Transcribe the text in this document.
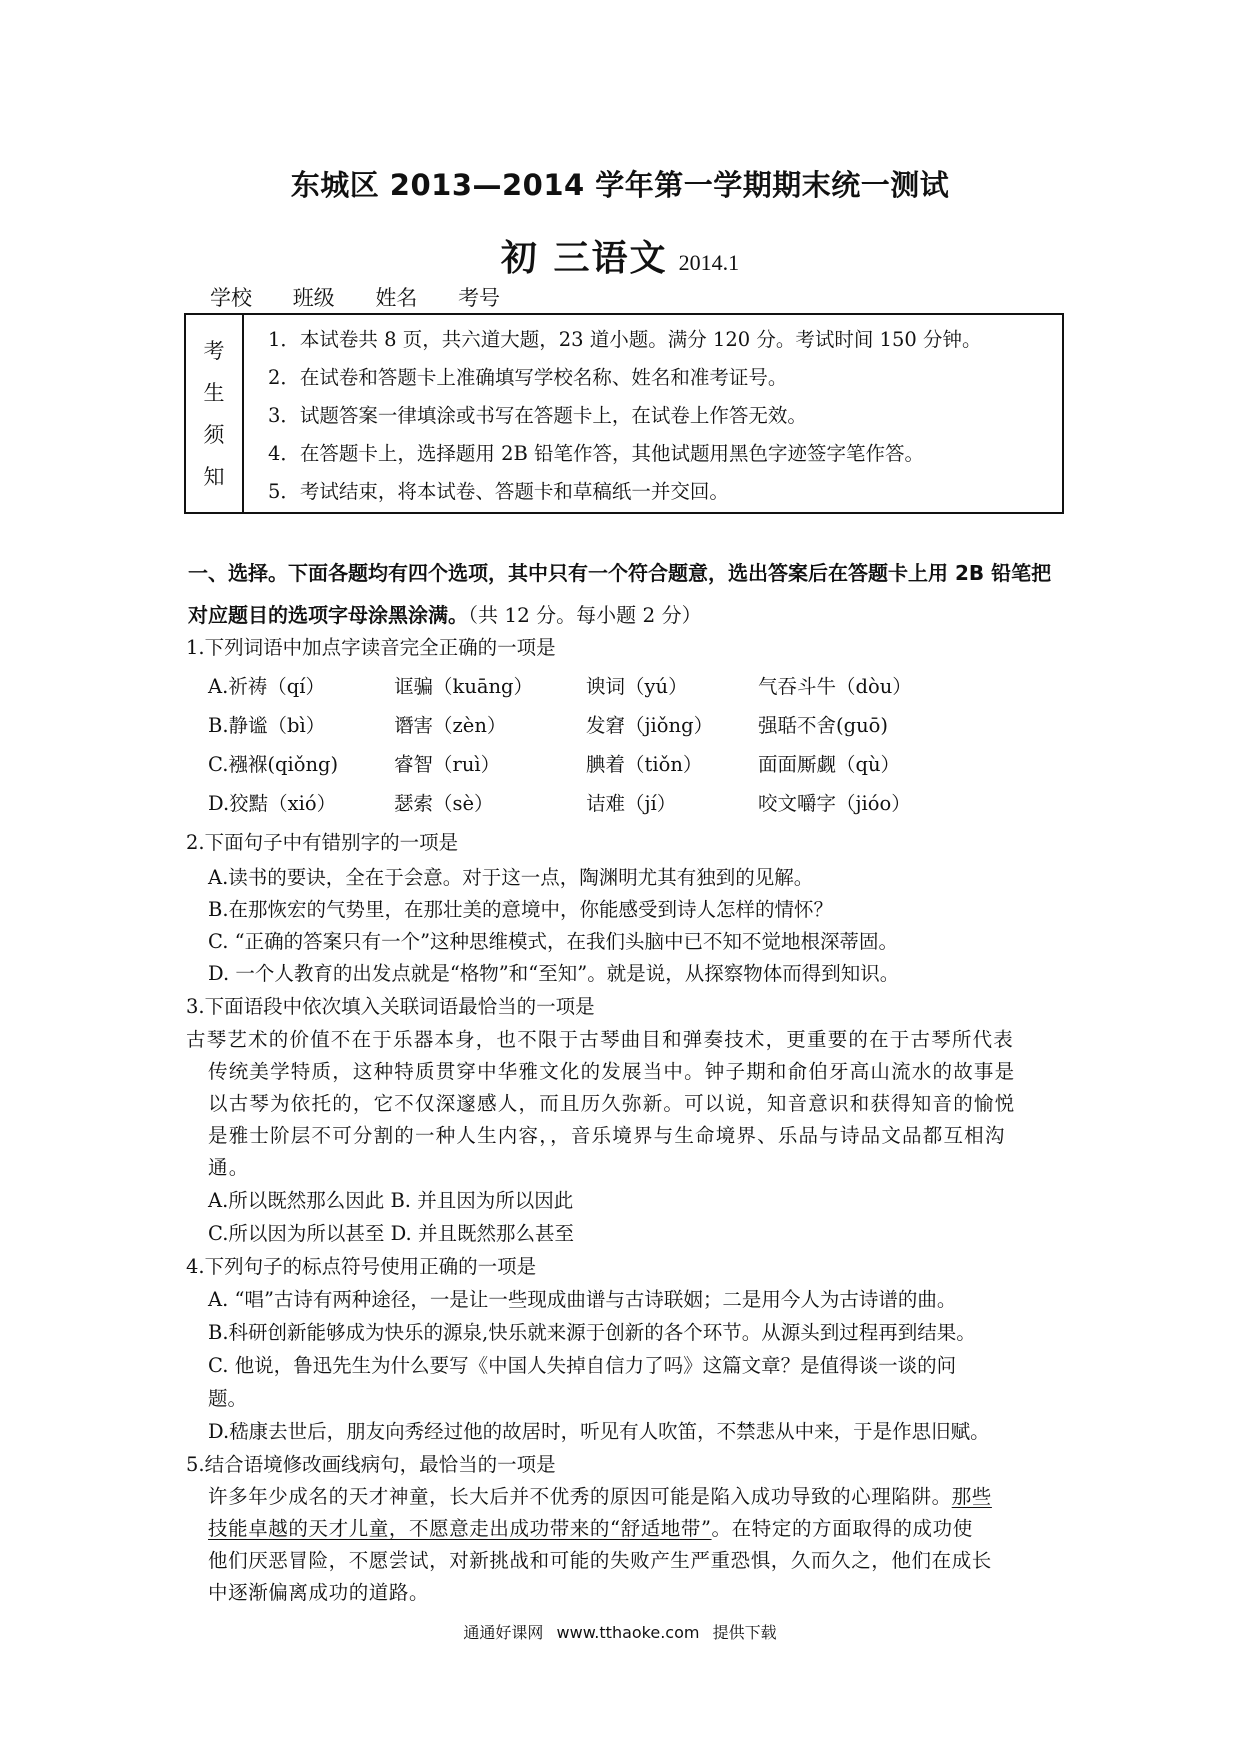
东城区 2013—2014 学年第一学期期末统一测试
初 三语文 2014.1
学校 班级 姓名 考号
考
生
须
知
1．本试卷共 8 页，共六道大题，23 道小题。满分 120 分。考试时间 150 分钟。
2．在试卷和答题卡上准确填写学校名称、姓名和准考证号。
3．试题答案一律填涂或书写在答题卡上，在试卷上作答无效。
4．在答题卡上，选择题用 2B 铅笔作答，其他试题用黑色字迹签字笔作答。
5．考试结束，将本试卷、答题卡和草稿纸一并交回。
一、选择。下面各题均有四个选项，其中只有一个符合题意，选出答案后在答题卡上用 2B 铅笔把对应题目的选项字母涂黑涂满。（共 12 分。每小题 2 分）
1.下列词语中加点字读音完全正确的一项是
A.祈祷（qí）	诓骗（kuāng）	谀词（yú）	气吞斗牛（dòu）
B.静谧（bì）	谮害（zèn）	发窘（jiǒng）	强聒不舍(guō)
C.襁褓(qiǒng)	睿智（ruì）	腆着（tiǒn）	面面厮觑（qù）
D.狡黠（xió）	瑟索（sè）	诘难（jí）	咬文嚼字（jióo）
2.下面句子中有错别字的一项是
A.读书的要诀，全在于会意。对于这一点，陶渊明尤其有独到的见解。
B.在那恢宏的气势里，在那壮美的意境中，你能感受到诗人怎样的情怀？
C. “正确的答案只有一个”这种思维模式，在我们头脑中已不知不觉地根深蒂固。
D. 一个人教育的出发点就是“格物”和“至知”。就是说，从探察物体而得到知识。
3.下面语段中依次填入关联词语最恰当的一项是
古琴艺术的价值不在于乐器本身，也不限于古琴曲目和弹奏技术，更重要的在于古琴所代表
传统美学特质，这种特质贯穿中华雅文化的发展当中。钟子期和俞伯牙高山流水的故事是
以古琴为依托的，它不仅深邃感人，而且历久弥新。可以说，知音意识和获得知音的愉悦
是雅士阶层不可分割的一种人生内容，，音乐境界与生命境界、乐品与诗品文品都互相沟
通。
A.所以既然那么因此 B. 并且因为所以因此
C.所以因为所以甚至 D. 并且既然那么甚至
4.下列句子的标点符号使用正确的一项是
A. “唱”古诗有两种途径，一是让一些现成曲谱与古诗联姻；二是用今人为古诗谱的曲。
B.科研创新能够成为快乐的源泉,快乐就来源于创新的各个环节。从源头到过程再到结果。
C. 他说，鲁迅先生为什么要写《中国人失掉自信力了吗》这篇文章？是值得谈一谈的问
题。
D.嵇康去世后，朋友向秀经过他的故居时，听见有人吹笛，不禁悲从中来，于是作思旧赋。
5.结合语境修改画线病句，最恰当的一项是
许多年少成名的天才神童，长大后并不优秀的原因可能是陷入成功导致的心理陷阱。那些
技能卓越的天才儿童，不愿意走出成功带来的“舒适地带”。在特定的方面取得的成功使
他们厌恶冒险，不愿尝试，对新挑战和可能的失败产生严重恐惧，久而久之，他们在成长
中逐渐偏离成功的道路。
通通好课网 www.tthaoke.com 提供下载
